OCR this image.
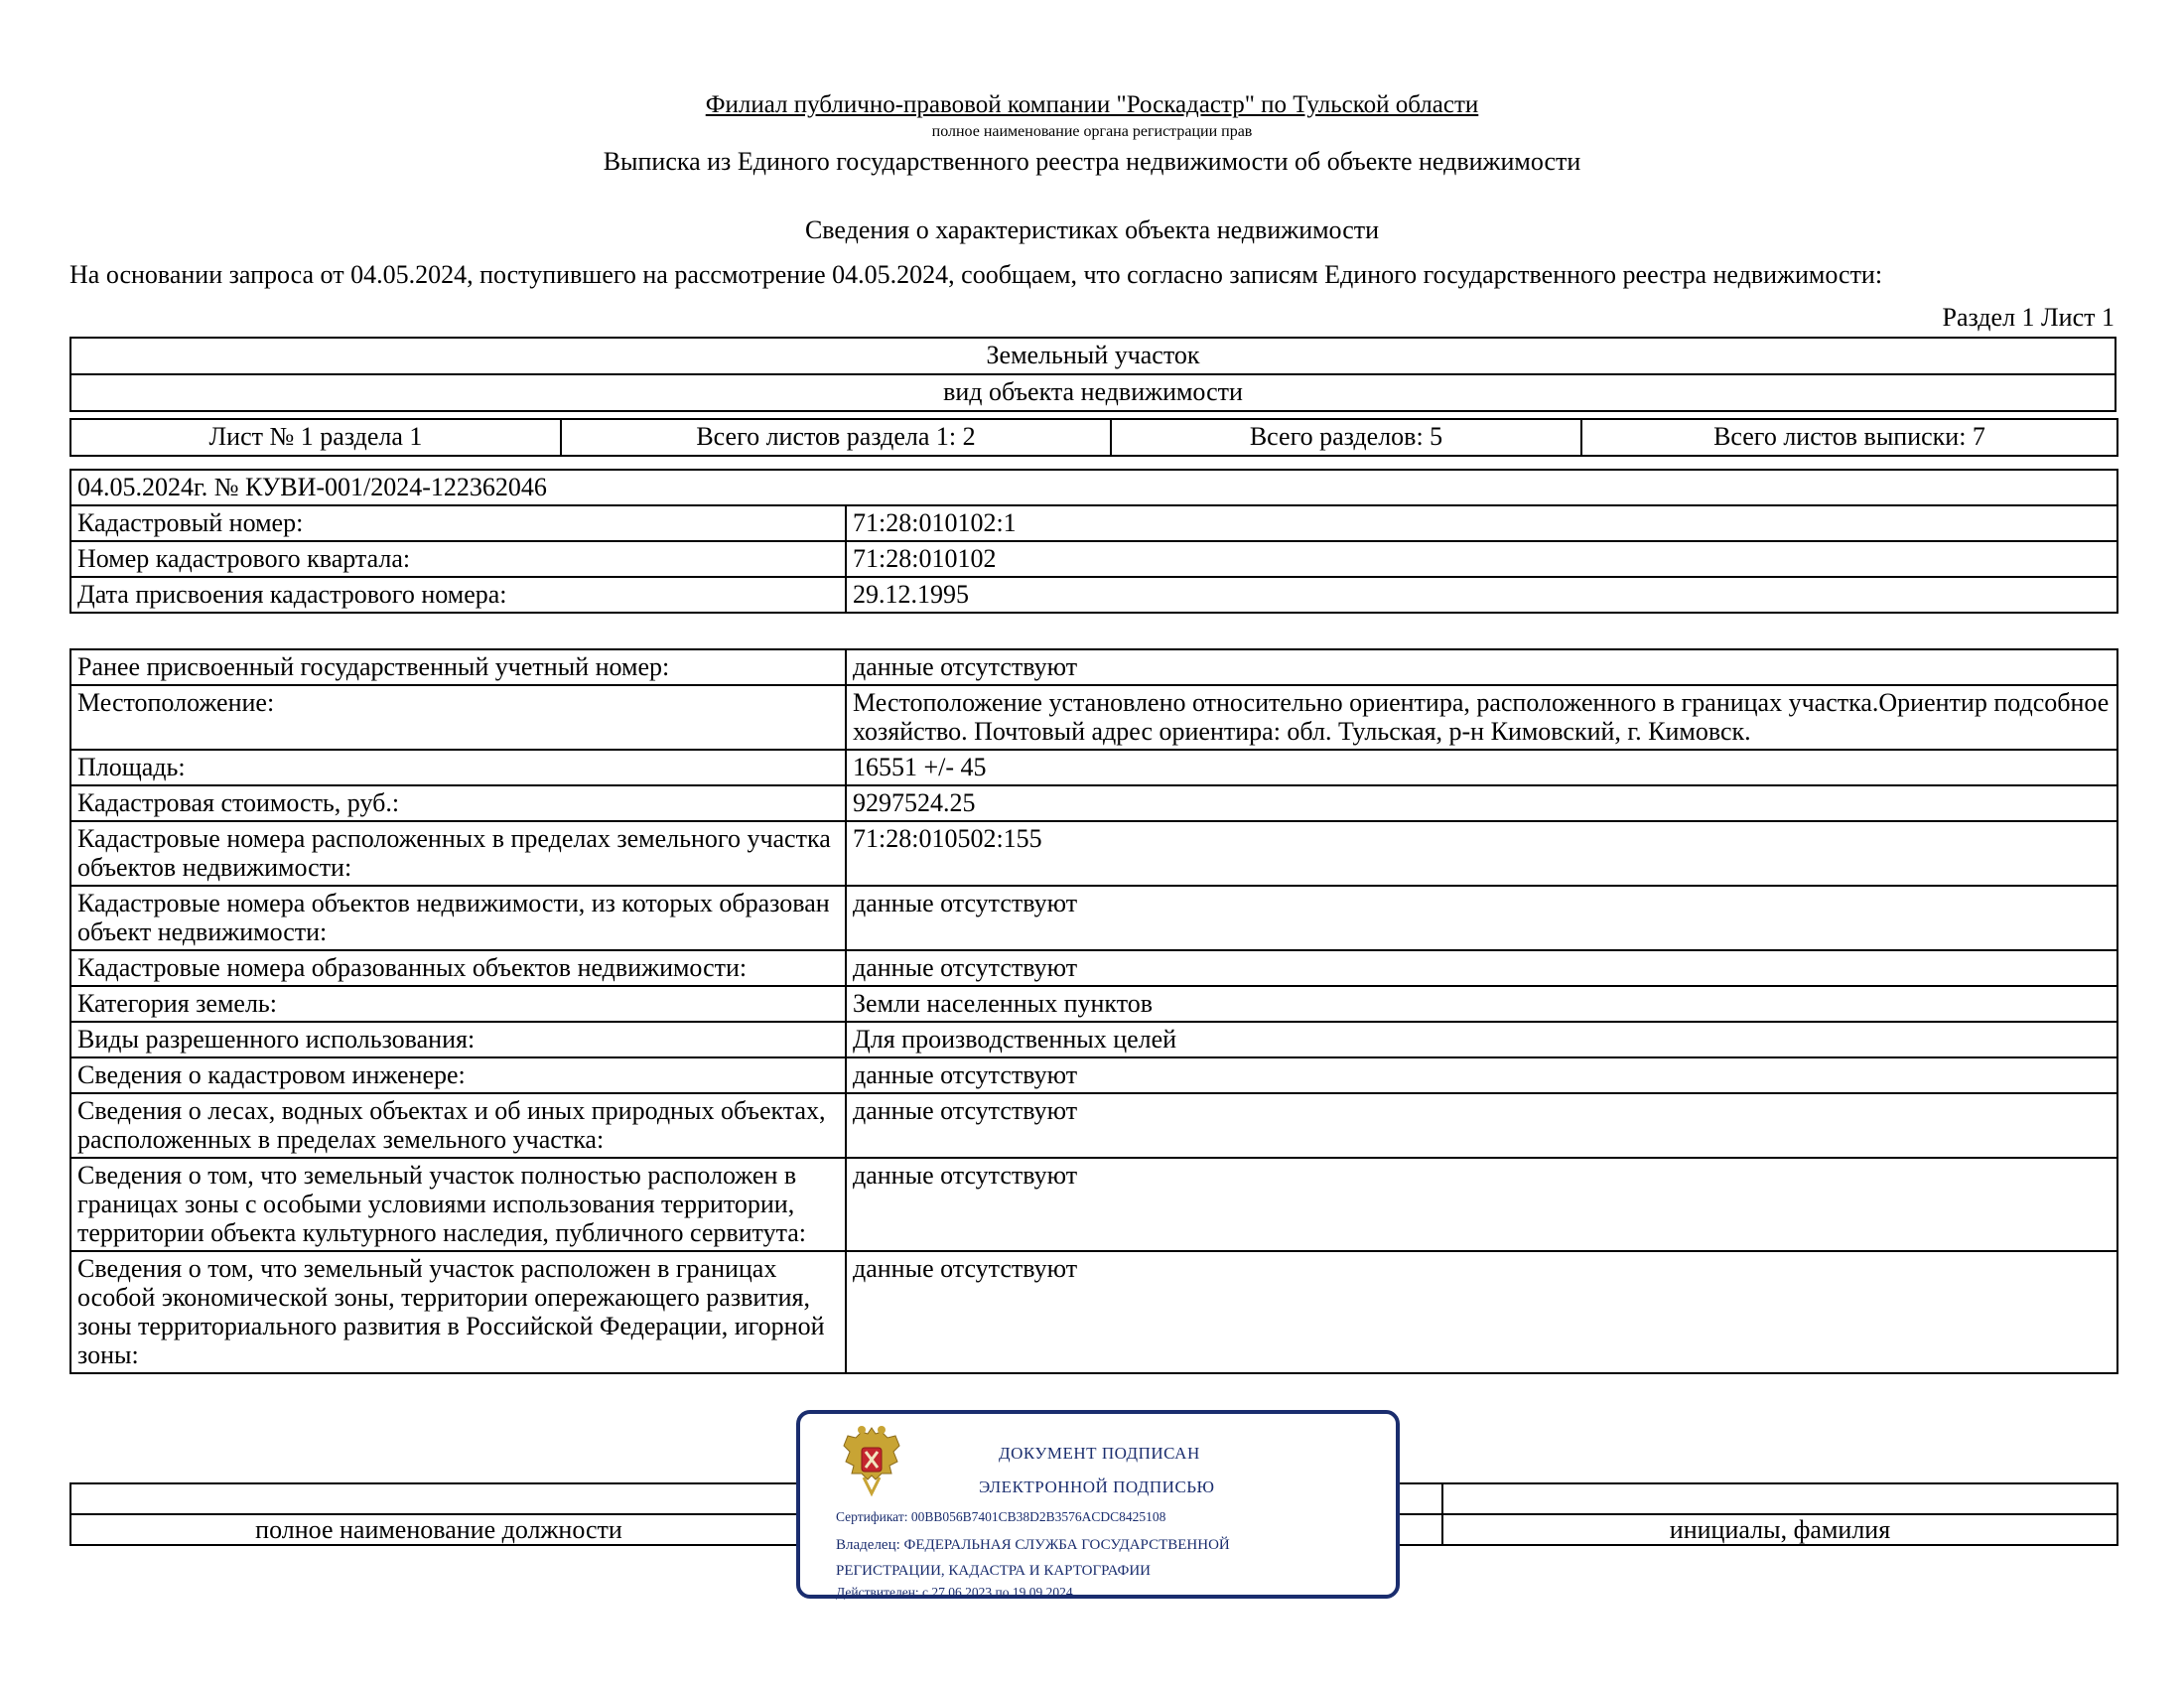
Филиал публично-правовой компании "Роскадастр" по Тульской области
полное наименование органа регистрации прав
Выписка из Единого государственного реестра недвижимости об объекте недвижимости
Сведения о характеристиках объекта недвижимости
На основании запроса от 04.05.2024, поступившего на рассмотрение 04.05.2024, сообщаем, что согласно записям Единого государственного реестра недвижимости:
Раздел 1 Лист 1
Земельный участок
вид объекта недвижимости
Лист № 1 раздела 1	Всего листов раздела 1: 2	Всего разделов: 5	Всего листов выписки: 7
04.05.2024г. № КУВИ-001/2024-122362046	
Кадастровый номер:	71:28:010102:1
Номер кадастрового квартала:	71:28:010102
Дата присвоения кадастрового номера:	29.12.1995
Ранее присвоенный государственный учетный номер:	данные отсутствуют
Местоположение:	Местоположение установлено относительно ориентира, расположенного в границах участка.Ориентир подсобное хозяйство. Почтовый адрес ориентира: обл. Тульская, р-н Кимовский, г. Кимовск.
Площадь:	16551 +/- 45
Кадастровая стоимость, руб.:	9297524.25
Кадастровые номера расположенных в пределах земельного участка объектов недвижимости:	71:28:010502:155
Кадастровые номера объектов недвижимости, из которых образован объект недвижимости:	данные отсутствуют
Кадастровые номера образованных объектов недвижимости:	данные отсутствуют
Категория земель:	Земли населенных пунктов
Виды разрешенного использования:	Для производственных целей
Сведения о кадастровом инженере:	данные отсутствуют
Сведения о лесах, водных объектах и об иных природных объектах, расположенных в пределах земельного участка:	данные отсутствуют
Сведения о том, что земельный участок полностью расположен в границах зоны с особыми условиями использования территории, территории объекта культурного наследия, публичного сервитута:	данные отсутствуют
Сведения о том, что земельный участок расположен в границах особой экономической зоны, территории опережающего развития, зоны территориального развития в Российской Федерации, игорной зоны:	данные отсутствуют

полное наименование должности	инициалы, фамилия
ДОКУМЕНТ ПОДПИСАН
ЭЛЕКТРОННОЙ ПОДПИСЬЮ
Сертификат: 00BB056B7401CB38D2B3576ACDC8425108
Владелец: ФЕДЕРАЛЬНАЯ СЛУЖБА ГОСУДАРСТВЕННОЙ
РЕГИСТРАЦИИ, КАДАСТРА И КАРТОГРАФИИ
Действителен: с 27.06.2023 по 19.09.2024
